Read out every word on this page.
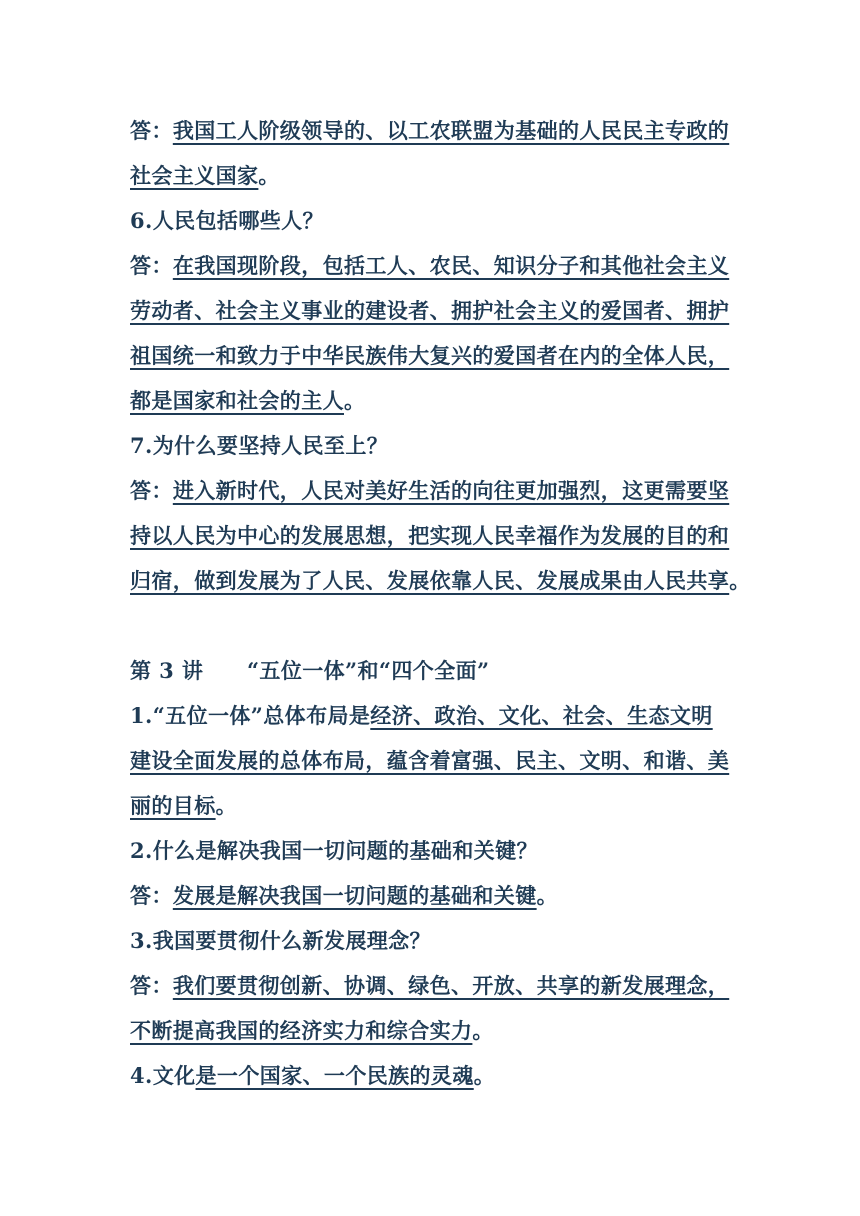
答：我国工人阶级领导的、以工农联盟为基础的人民民主专政的
社会主义国家。
6.人民包括哪些人？
答：在我国现阶段，包括工人、农民、知识分子和其他社会主义
劳动者、社会主义事业的建设者、拥护社会主义的爱国者、拥护
祖国统一和致力于中华民族伟大复兴的爱国者在内的全体人民，
都是国家和社会的主人。
7.为什么要坚持人民至上？
答：进入新时代，人民对美好生活的向往更加强烈，这更需要坚
持以人民为中心的发展思想，把实现人民幸福作为发展的目的和
归宿，做到发展为了人民、发展依靠人民、发展成果由人民共享。
第 3 讲 “五位一体”和“四个全面”
1.“五位一体”总体布局是经济、政治、文化、社会、生态文明
建设全面发展的总体布局，蕴含着富强、民主、文明、和谐、美
丽的目标。
2.什么是解决我国一切问题的基础和关键？
答：发展是解决我国一切问题的基础和关键。
3.我国要贯彻什么新发展理念？
答：我们要贯彻创新、协调、绿色、开放、共享的新发展理念，
不断提高我国的经济实力和综合实力。
4.文化是一个国家、一个民族的灵魂。
